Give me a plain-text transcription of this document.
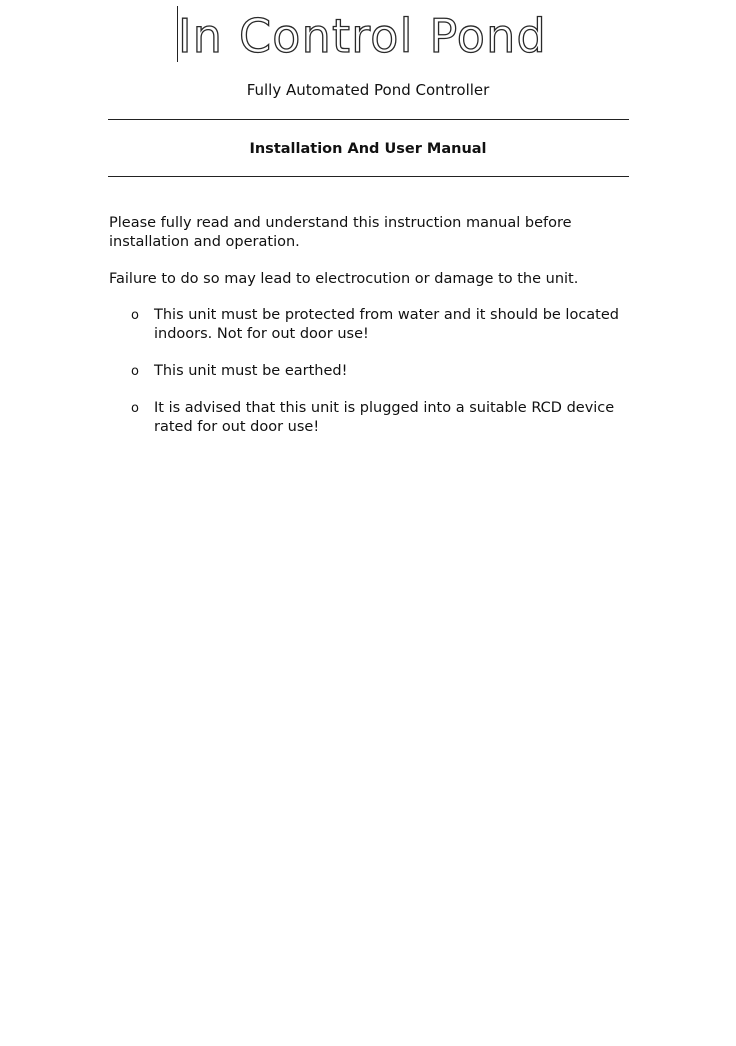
In Control Pond
Fully Automated Pond Controller
Installation And User Manual

Please fully read and understand this instruction manual before installation and operation.

Failure to do so may lead to electrocution or damage to the unit.

o This unit must be protected from water and it should be located indoors. Not for out door use!
o This unit must be earthed!
o It is advised that this unit is plugged into a suitable RCD device rated for out door use!
